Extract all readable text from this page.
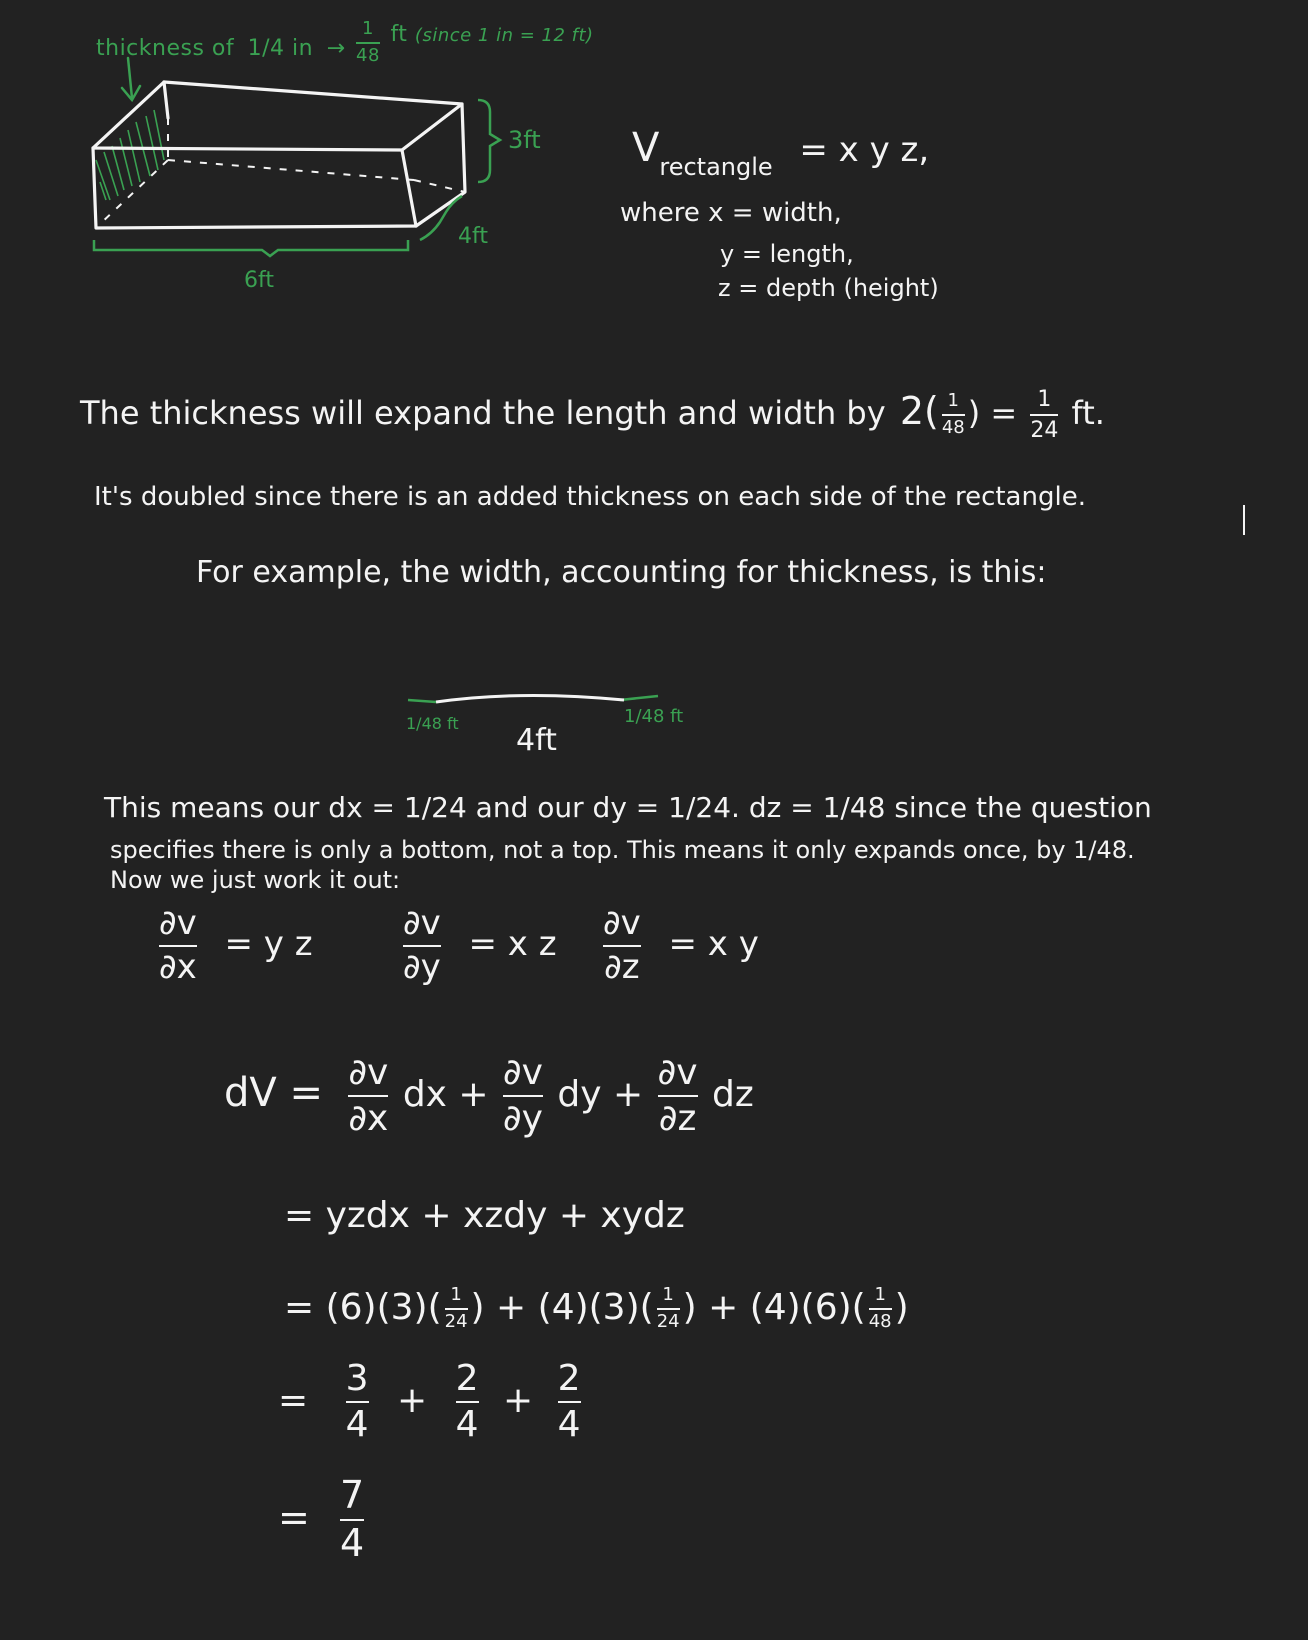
thickness of 1/4 in → $\frac{1}{48}$ ft $^{(since 1 in = 12 ft)}$
3ft
4ft
6ft
$V_{rectangle} = x$ y z,
where x = width,
y = length,
z = depth (height)
The thickness will expand the length and width by $2( \frac{1}{48}$ ) = $\frac{1}{24}$ ft.
It's doubled since there is an added thickness on each side of the rectangle.
For example, the width, accounting for thickness, is this:
1/48 ft	1/48 ft
4ft
This means our dx = 1/24 and our dy = 1/24. dz = 1/48 since the question
specifies there is only a bottom, not a top. This means it only expands once, by 1/48.
Now we just work it out:
$\frac{\partial v}{\partial x} = y$ z	$\frac{\partial v}{\partial y} = x$ z $\frac{\partial v}{\partial z} = x$ y
dV = $\frac{\partial v}{\partial x}$ dx + $\frac{\partial v}{\partial y}$ dy + $\frac{\partial v}{\partial z}$ dz
= yzdx + xzdy + xydz
= $(6)(3)( \frac{1}{24}$ ) + $(4)(3)( \frac{1}{24}$ ) + $(4)(6)( \frac{1}{48}$ )
= $\frac{3}{4} + \frac{2}{4} + \frac{2}{4}$
= $\frac{7}{4}$
